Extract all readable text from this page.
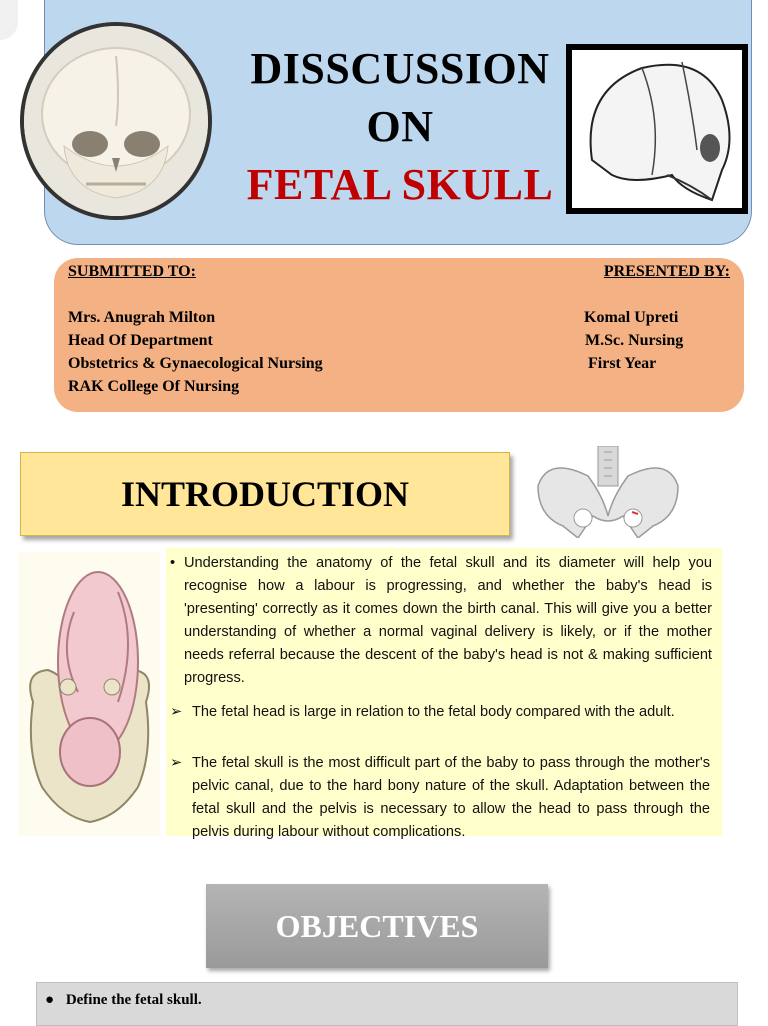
DISSCUSSION
ON
FETAL SKULL
SUBMITTED TO:	PRESENTED BY:
Mrs. Anugrah Milton
Head Of Department
Obstetrics & Gynaecological Nursing
RAK College Of Nursing
Komal Upreti
M.Sc. Nursing
First Year
INTRODUCTION
• Understanding the anatomy of the fetal skull and its diameter will help you recognise how a labour is progressing, and whether the baby's head is 'presenting' correctly as it comes down the birth canal. This will give you a better understanding of whether a normal vaginal delivery is likely, or if the mother needs referral because the descent of the baby's head is not & making sufficient progress.
➢ The fetal head is large in relation to the fetal body compared with the adult.
➢ The fetal skull is the most difficult part of the baby to pass through the mother's pelvic canal, due to the hard bony nature of the skull. Adaptation between the fetal skull and the pelvis is necessary to allow the head to pass through the pelvis during labour without complications.
OBJECTIVES
● Define the fetal skull.
